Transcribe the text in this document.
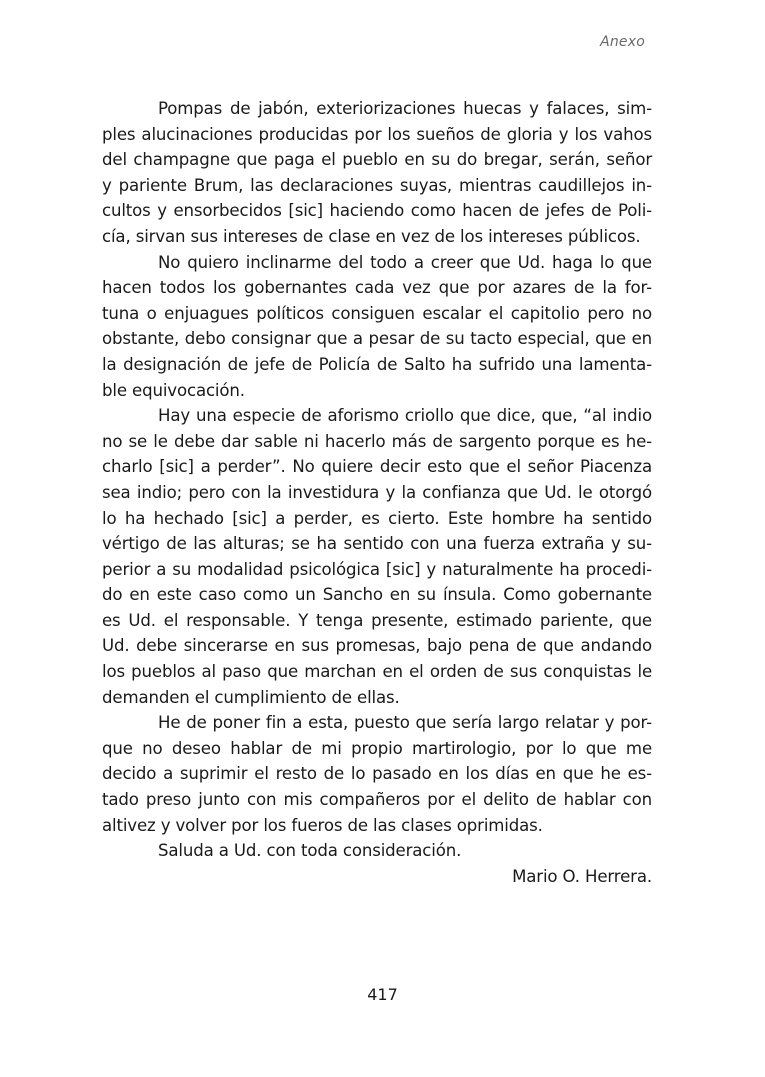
Anexo
Pompas de jabón, exteriorizaciones huecas y falaces, sim-
ples alucinaciones producidas por los sueños de gloria y los vahos
del champagne que paga el pueblo en su do bregar, serán, señor
y pariente Brum, las declaraciones suyas, mientras caudillejos in-
cultos y ensorbecidos [sic] haciendo como hacen de jefes de Poli-
cía, sirvan sus intereses de clase en vez de los intereses públicos.
No quiero inclinarme del todo a creer que Ud. haga lo que
hacen todos los gobernantes cada vez que por azares de la for-
tuna o enjuagues políticos consiguen escalar el capitolio pero no
obstante, debo consignar que a pesar de su tacto especial, que en
la designación de jefe de Policía de Salto ha sufrido una lamenta-
ble equivocación.
Hay una especie de aforismo criollo que dice, que, “al indio
no se le debe dar sable ni hacerlo más de sargento porque es he-
charlo [sic] a perder”. No quiere decir esto que el señor Piacenza
sea indio; pero con la investidura y la confianza que Ud. le otorgó
lo ha hechado [sic] a perder, es cierto. Este hombre ha sentido
vértigo de las alturas; se ha sentido con una fuerza extraña y su-
perior a su modalidad psicológica [sic] y naturalmente ha procedi-
do en este caso como un Sancho en su ínsula. Como gobernante
es Ud. el responsable. Y tenga presente, estimado pariente, que
Ud. debe sincerarse en sus promesas, bajo pena de que andando
los pueblos al paso que marchan en el orden de sus conquistas le
demanden el cumplimiento de ellas.
He de poner fin a esta, puesto que sería largo relatar y por-
que no deseo hablar de mi propio martirologio, por lo que me
decido a suprimir el resto de lo pasado en los días en que he es-
tado preso junto con mis compañeros por el delito de hablar con
altivez y volver por los fueros de las clases oprimidas.
Saluda a Ud. con toda consideración.
Mario O. Herrera.
417
